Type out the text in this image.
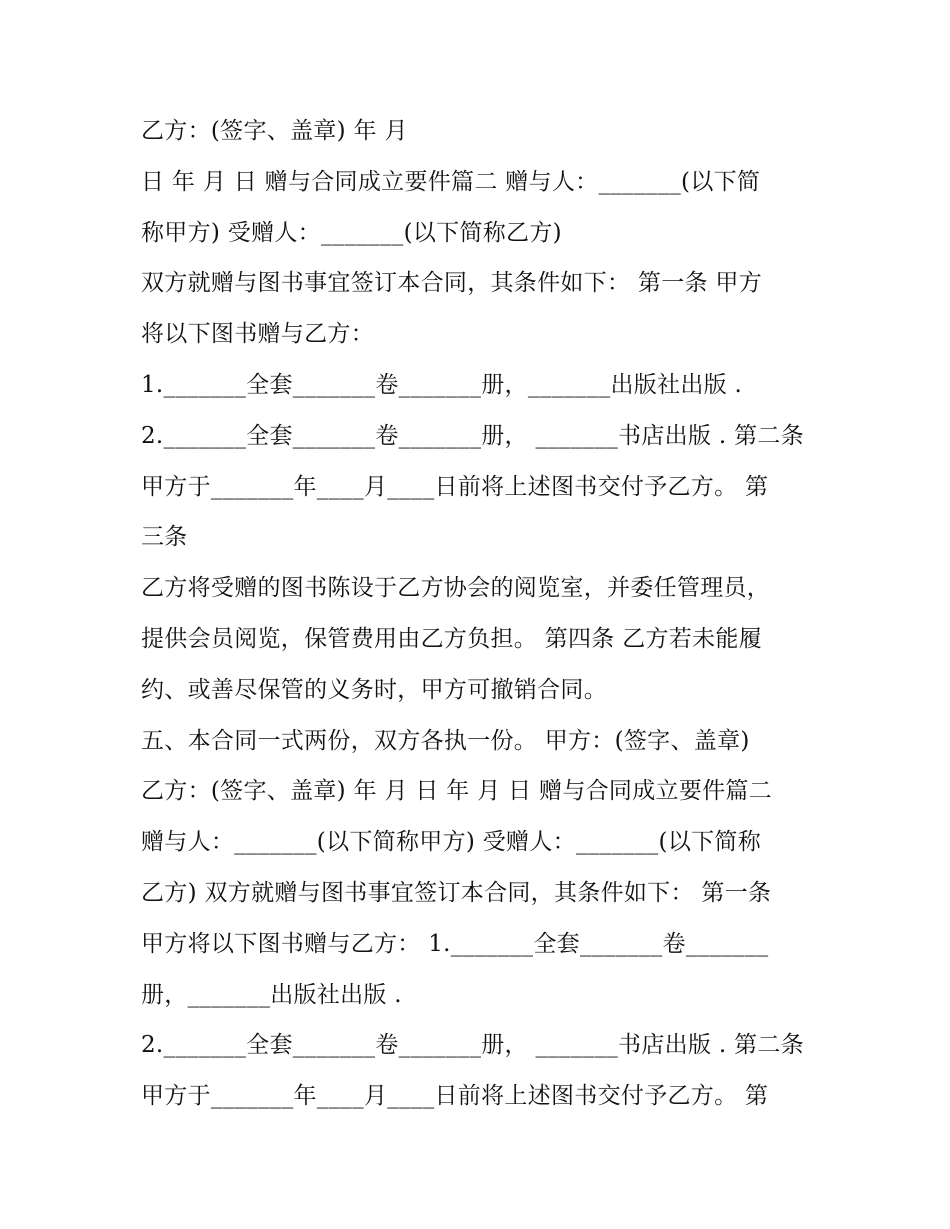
乙方：(签字、盖章) 年 月
日 年 月 日 赠与合同成立要件篇二 赠与人：_______(以下简
称甲方) 受赠人：_______(以下简称乙方)
双方就赠与图书事宜签订本合同，其条件如下： 第一条 甲方
将以下图书赠与乙方：
1._______全套_______卷_______册，_______出版社出版 .
2._______全套_______卷_______册， _______书店出版 . 第二条
甲方于_______年____月____日前将上述图书交付予乙方。 第
三条
乙方将受赠的图书陈设于乙方协会的阅览室，并委任管理员，
提供会员阅览，保管费用由乙方负担。 第四条 乙方若未能履
约、或善尽保管的义务时，甲方可撤销合同。
五、本合同一式两份，双方各执一份。 甲方：(签字、盖章)
乙方：(签字、盖章) 年 月 日 年 月 日 赠与合同成立要件篇二
赠与人：_______(以下简称甲方) 受赠人：_______(以下简称
乙方) 双方就赠与图书事宜签订本合同，其条件如下： 第一条
甲方将以下图书赠与乙方： 1._______全套_______卷_______
册，_______出版社出版 .
2._______全套_______卷_______册， _______书店出版 . 第二条
甲方于_______年____月____日前将上述图书交付予乙方。 第
